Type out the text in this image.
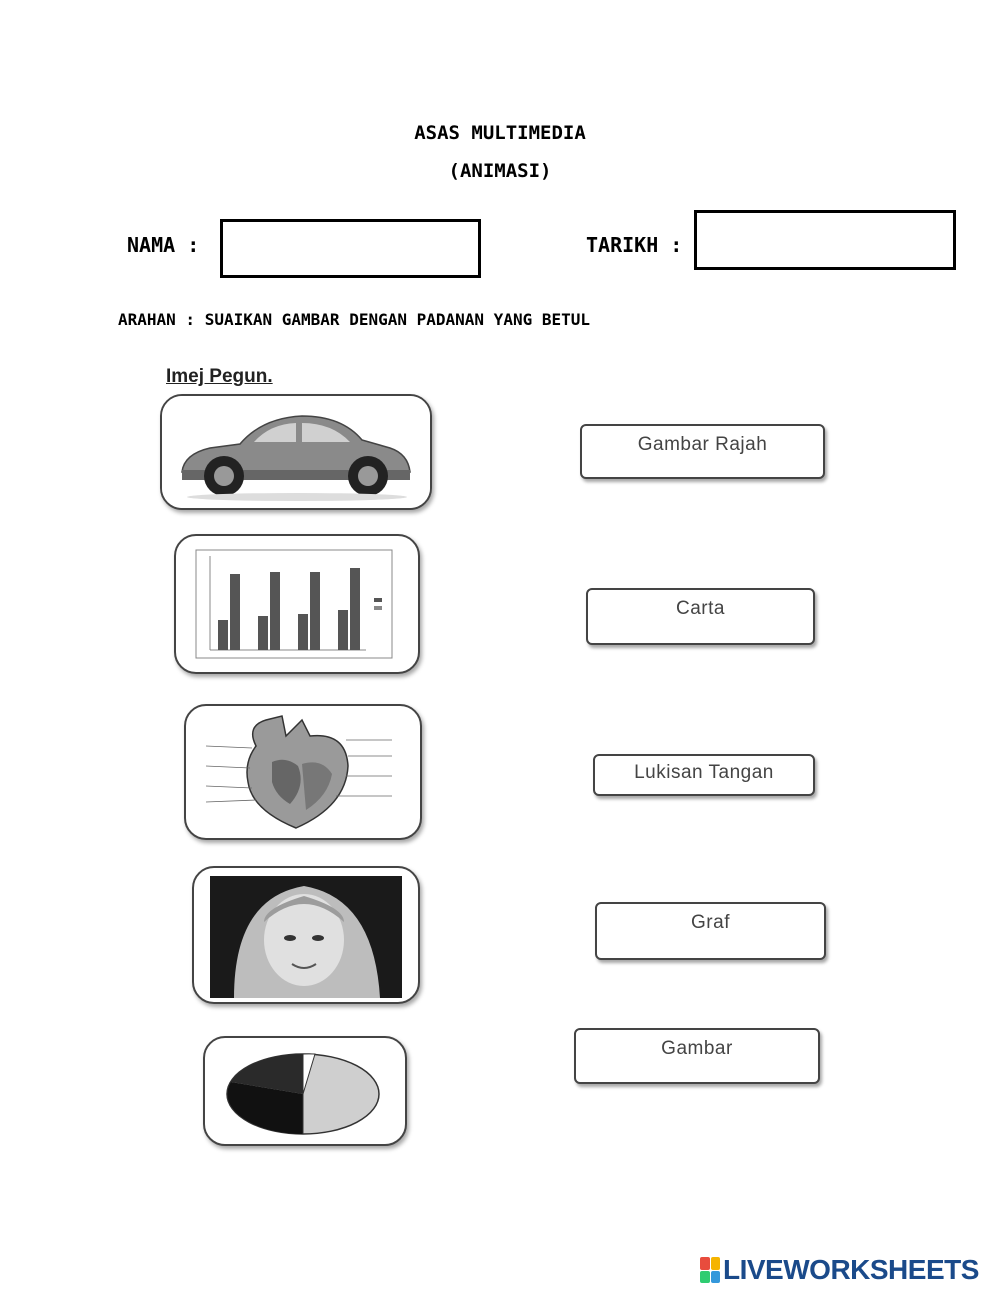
ASAS MULTIMEDIA
(ANIMASI)
NAMA :	TARIKH :
ARAHAN : SUAIKAN GAMBAR DENGAN PADANAN YANG BETUL
Imej Pegun.
Gambar Rajah
Carta
Lukisan Tangan
Graf
Gambar
LIVEWORKSHEETS
